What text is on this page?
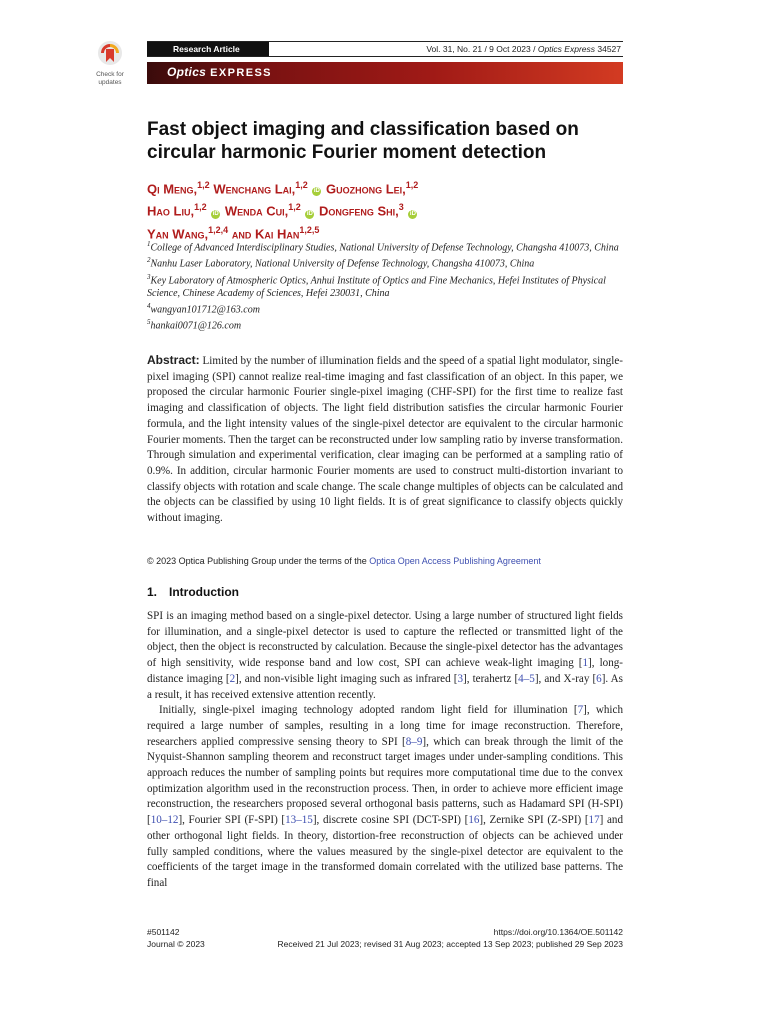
Check for
updates
Research Article	Vol. 31, No. 21 / 9 Oct 2023 / Optics Express 34527
Optics EXPRESS
Fast object imaging and classification based on circular harmonic Fourier moment detection
Qi Meng,$^{1,2}$ Wenchang Lai,$^{1,2}$ iD Guozhong Lei,$^{1,2}$
Hao Liu,$^{1,2}$ iD Wenda Cui,$^{1,2}$ iD Dongfeng Shi,$^3$ iD
Yan Wang,$^{1,2,4}$ and Kai Han$^{1,2,5}$
$^1$College of Advanced Interdisciplinary Studies, National University of Defense Technology, Changsha 410073, China
$^2$Nanhu Laser Laboratory, National University of Defense Technology, Changsha 410073, China
$^3$Key Laboratory of Atmospheric Optics, Anhui Institute of Optics and Fine Mechanics, Hefei Institutes of Physical Science, Chinese Academy of Sciences, Hefei 230031, China
$^4$wangyan101712@163.com
$^5$hankai0071@126.com
Abstract: Limited by the number of illumination fields and the speed of a spatial light modulator, single-pixel imaging (SPI) cannot realize real-time imaging and fast classification of an object. In this paper, we proposed the circular harmonic Fourier single-pixel imaging (CHF-SPI) for the first time to realize fast imaging and classification of objects. The light field distribution satisfies the circular harmonic Fourier formula, and the light intensity values of the single-pixel detector are equivalent to the circular harmonic Fourier moments. Then the target can be reconstructed under low sampling ratio by inverse transformation. Through simulation and experimental verification, clear imaging can be performed at a sampling ratio of 0.9%. In addition, circular harmonic Fourier moments are used to construct multi-distortion invariant to classify objects with rotation and scale change. The scale change multiples of objects can be calculated and the objects can be classified by using 10 light fields. It is of great significance to classify objects quickly without imaging.
© 2023 Optica Publishing Group under the terms of the Optica Open Access Publishing Agreement
1. Introduction

SPI is an imaging method based on a single-pixel detector. Using a large number of structured light fields for illumination, and a single-pixel detector is used to capture the reflected or transmitted light of the object, then the object is reconstructed by calculation. Because the single-pixel detector has the advantages of high sensitivity, wide response band and low cost, SPI can achieve weak-light imaging [1], long-distance imaging [2], and non-visible light imaging such as infrared [3], terahertz [4–5], and X-ray [6]. As a result, it has received extensive attention recently.

Initially, single-pixel imaging technology adopted random light field for illumination [7], which required a large number of samples, resulting in a long time for image reconstruction. Therefore, researchers applied compressive sensing theory to SPI [8–9], which can break through the limit of the Nyquist-Shannon sampling theorem and reconstruct target images under under-sampling conditions. This approach reduces the number of sampling points but requires more computational time due to the convex optimization algorithm used in the reconstruction process. Then, in order to achieve more efficient image reconstruction, the researchers proposed several orthogonal basis patterns, such as Hadamard SPI (H-SPI) [10–12], Fourier SPI (F-SPI) [13–15], discrete cosine SPI (DCT-SPI) [16], Zernike SPI (Z-SPI) [17] and other orthogonal light fields. In theory, distortion-free reconstruction of objects can be achieved under fully sampled conditions, where the values measured by the single-pixel detector are equivalent to the coefficients of the target image in the transformed domain correlated with the utilized base patterns. The final

#501142	https://doi.org/10.1364/OE.501142
Journal © 2023	Received 21 Jul 2023; revised 31 Aug 2023; accepted 13 Sep 2023; published 29 Sep 2023
